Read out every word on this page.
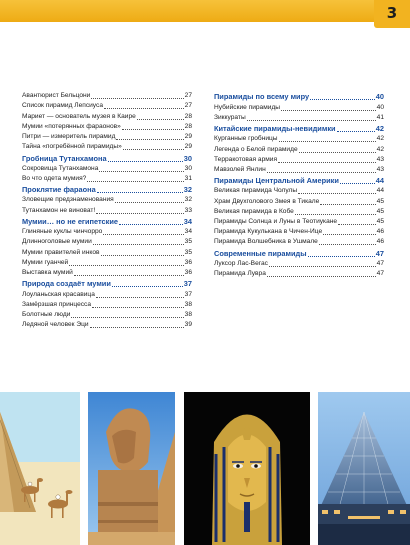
3
Авантюрист Бельцони	27
Список пирамид Лепсиуса	27
Мариет — основатель музея в Каире	28
Мумии «потерянных фараонов»	28
Питри — измеритель пирамид	29
Тайна «погребённой пирамиды»	29
Гробница Тутанхамона	30
Сокровища Тутанхамона	30
Во что одета мумия?	31
Проклятие фараона	32
Зловещие предзнаменования	32
Тутанхамон не виноват!	33
Мумии… но не египетские	34
Глиняные куклы чинчорро	34
Длинноголовые мумии	35
Мумии правителей инков	35
Мумии гуанчей	36
Выставка мумий	36
Природа создаёт мумии	37
Лоуланьская красавица	37
Замёрзшая принцесса	38
Болотные люди	38
Ледяной человек Эци	39
Пирамиды по всему миру	40
Нубийские пирамиды	40
Зиккураты	41
Китайские пирамиды-невидимки	42
Курганные гробницы	42
Легенда о Белой пирамиде	42
Терракотовая армия	43
Мавзолей Янлин	43
Пирамиды Центральной Америки	44
Великая пирамида Чолулы	44
Храм Двухголового Змея в Тикале	45
Великая пирамида в Кобе	45
Пирамиды Солнца и Луны в Теотиукане	45
Пирамида Кукулькана в Чичен-Ице	46
Пирамида Волшебника в Ушмале	46
Современные пирамиды	47
Луксор Лас-Вегас	47
Пирамида Лувра	47
